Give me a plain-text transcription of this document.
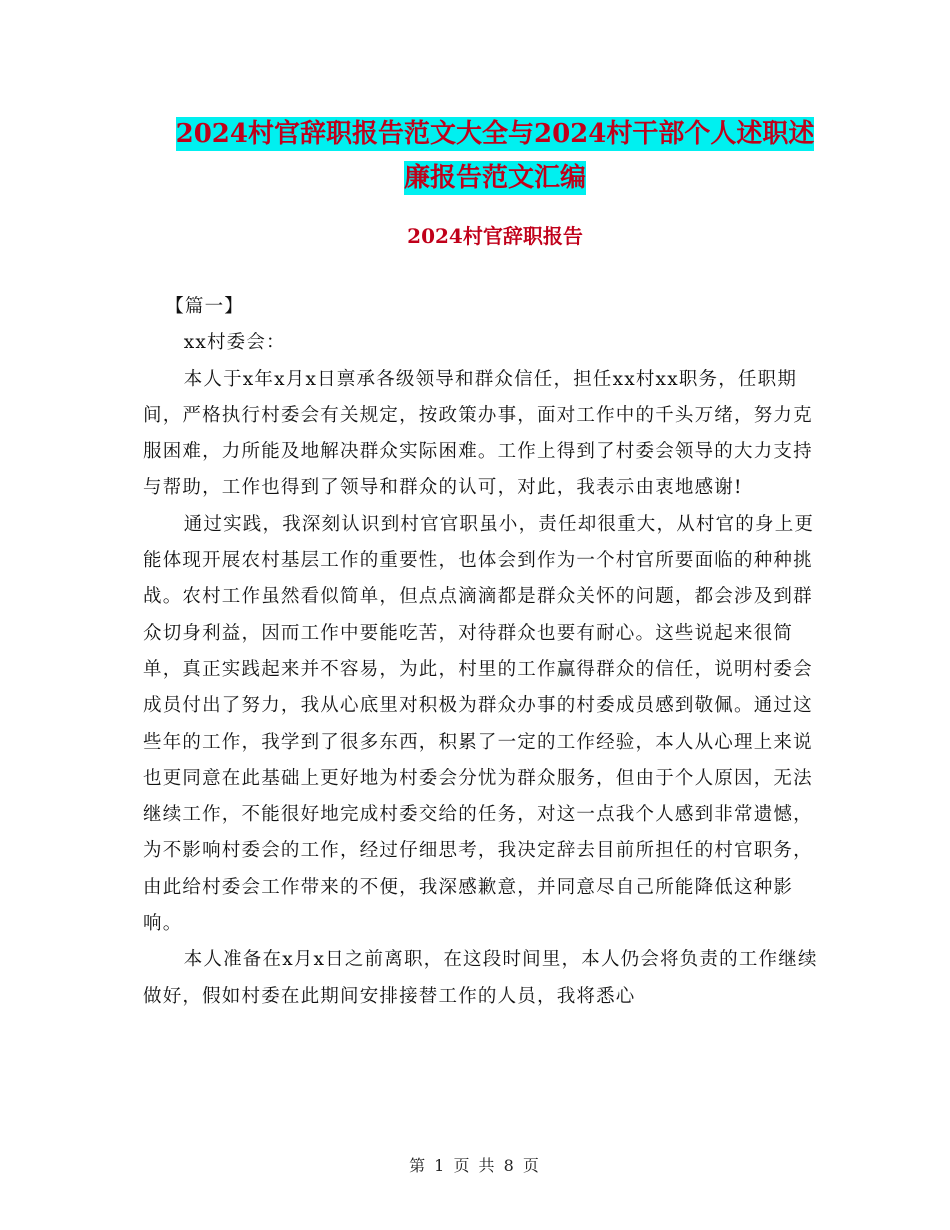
2024村官辞职报告范文大全与2024村干部个人述职述
廉报告范文汇编
2024村官辞职报告

【篇一】

xx村委会：

本人于x年x月x日禀承各级领导和群众信任，担任xx村xx职务，任职期间，严格执行村委会有关规定，按政策办事，面对工作中的千头万绪，努力克服困难，力所能及地解决群众实际困难。工作上得到了村委会领导的大力支持与帮助，工作也得到了领导和群众的认可，对此，我表示由衷地感谢!

通过实践，我深刻认识到村官官职虽小，责任却很重大，从村官的身上更能体现开展农村基层工作的重要性，也体会到作为一个村官所要面临的种种挑战。农村工作虽然看似简单，但点点滴滴都是群众关怀的问题，都会涉及到群众切身利益，因而工作中要能吃苦，对待群众也要有耐心。这些说起来很简单，真正实践起来并不容易，为此，村里的工作赢得群众的信任，说明村委会成员付出了努力，我从心底里对积极为群众办事的村委成员感到敬佩。通过这些年的工作，我学到了很多东西，积累了一定的工作经验，本人从心理上来说也更同意在此基础上更好地为村委会分忧为群众服务，但由于个人原因，无法继续工作，不能很好地完成村委交给的任务，对这一点我个人感到非常遗憾，为不影响村委会的工作，经过仔细思考，我决定辞去目前所担任的村官职务，由此给村委会工作带来的不便，我深感歉意，并同意尽自己所能降低这种影响。

本人准备在x月x日之前离职，在这段时间里，本人仍会将负责的工作继续做好，假如村委在此期间安排接替工作的人员，我将悉心

第 1 页 共 8 页
